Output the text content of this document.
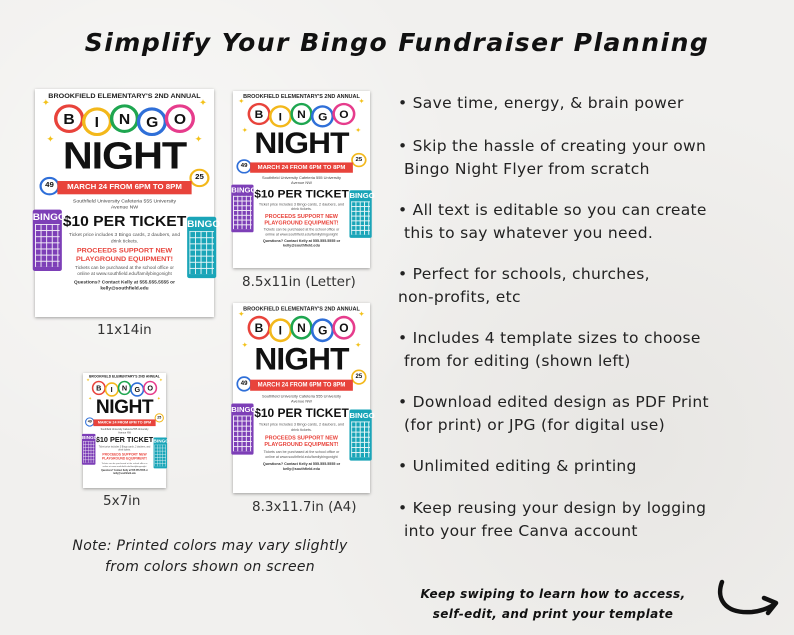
Simplify Your Bingo Fundraiser Planning
✦	✦
✦	✦
BROOKFIELD ELEMENTARY'S 2ND ANNUAL
B	I	N	G	O
NIGHT
49
25
MARCH 24 FROM 6PM TO 8PM
Southfield University Cafeteria 555 University Avenue NW
$10 PER TICKET
Ticket price includes 3 Bingo cards, 2 daubers, and drink tickets.
PROCEEDS SUPPORT NEW PLAYGROUND EQUIPMENT!
Tickets can be purchased at the school office or online at www.southfield.edu/familybingonight
Questions? Contact Kelly at 555.555.5555 or kelly@southfield.edu
BINGO
BINGO
11x14in
✦	✦
✦	✦
BROOKFIELD ELEMENTARY'S 2ND ANNUAL
B	I	N G O
NIGHT
49
25
MARCH 24 FROM 6PM TO 8PM
Southfield University Cafeteria 555 University Avenue NW
$10 PER TICKET
Ticket price includes 3 Bingo cards, 2 daubers, and drink tickets.
PROCEEDS SUPPORT NEW PLAYGROUND EQUIPMENT!
Tickets can be purchased at the school office or online at www.southfield.edu/familybingonight
Questions? Contact Kelly at 555.555.5555 or kelly@southfield.edu
BINGO
BINGO
8.5x11in (Letter)
✦	✦
✦	✦
BROOKFIELD ELEMENTARY'S 2ND ANNUAL
B I N G O
NIGHT
49
25
MARCH 24 FROM 6PM TO 8PM
Southfield University Cafeteria 555 University Avenue NW
$10 PER TICKET
Ticket price includes 3 Bingo cards, 2 daubers, and drink tickets.
PROCEEDS SUPPORT NEW PLAYGROUND EQUIPMENT!
Tickets can be purchased at the school office or online at www.southfield.edu/familybingonight
Questions? Contact Kelly at 555.555.5555 or kelly@southfield.edu
BINGO
BINGO
5x7in
✦	✦
✦	✦
BROOKFIELD ELEMENTARY'S 2ND ANNUAL
B	I	N G O
NIGHT
49
25
MARCH 24 FROM 6PM TO 8PM
Southfield University Cafeteria 555 University Avenue NW
$10 PER TICKET
Ticket price includes 3 Bingo cards, 2 daubers, and drink tickets.
PROCEEDS SUPPORT NEW PLAYGROUND EQUIPMENT!
Tickets can be purchased at the school office or online at www.southfield.edu/familybingonight
Questions? Contact Kelly at 555.555.5555 or kelly@southfield.edu
BINGO
BINGO
8.3x11.7in (A4)
• Save time, energy, & brain power
• Skip the hassle of creating your own
Bingo Night Flyer from scratch
• All text is editable so you can create
this to say whatever you need.
• Perfect for schools, churches,
non-profits, etc
• Includes 4 template sizes to choose
from for editing (shown left)
• Download edited design as PDF Print
(for print) or JPG (for digital use)
• Unlimited editing & printing
• Keep reusing your design by logging
into your free Canva account
Note: Printed colors may vary slightly
from colors shown on screen
Keep swiping to learn how to access,
self-edit, and print your template
